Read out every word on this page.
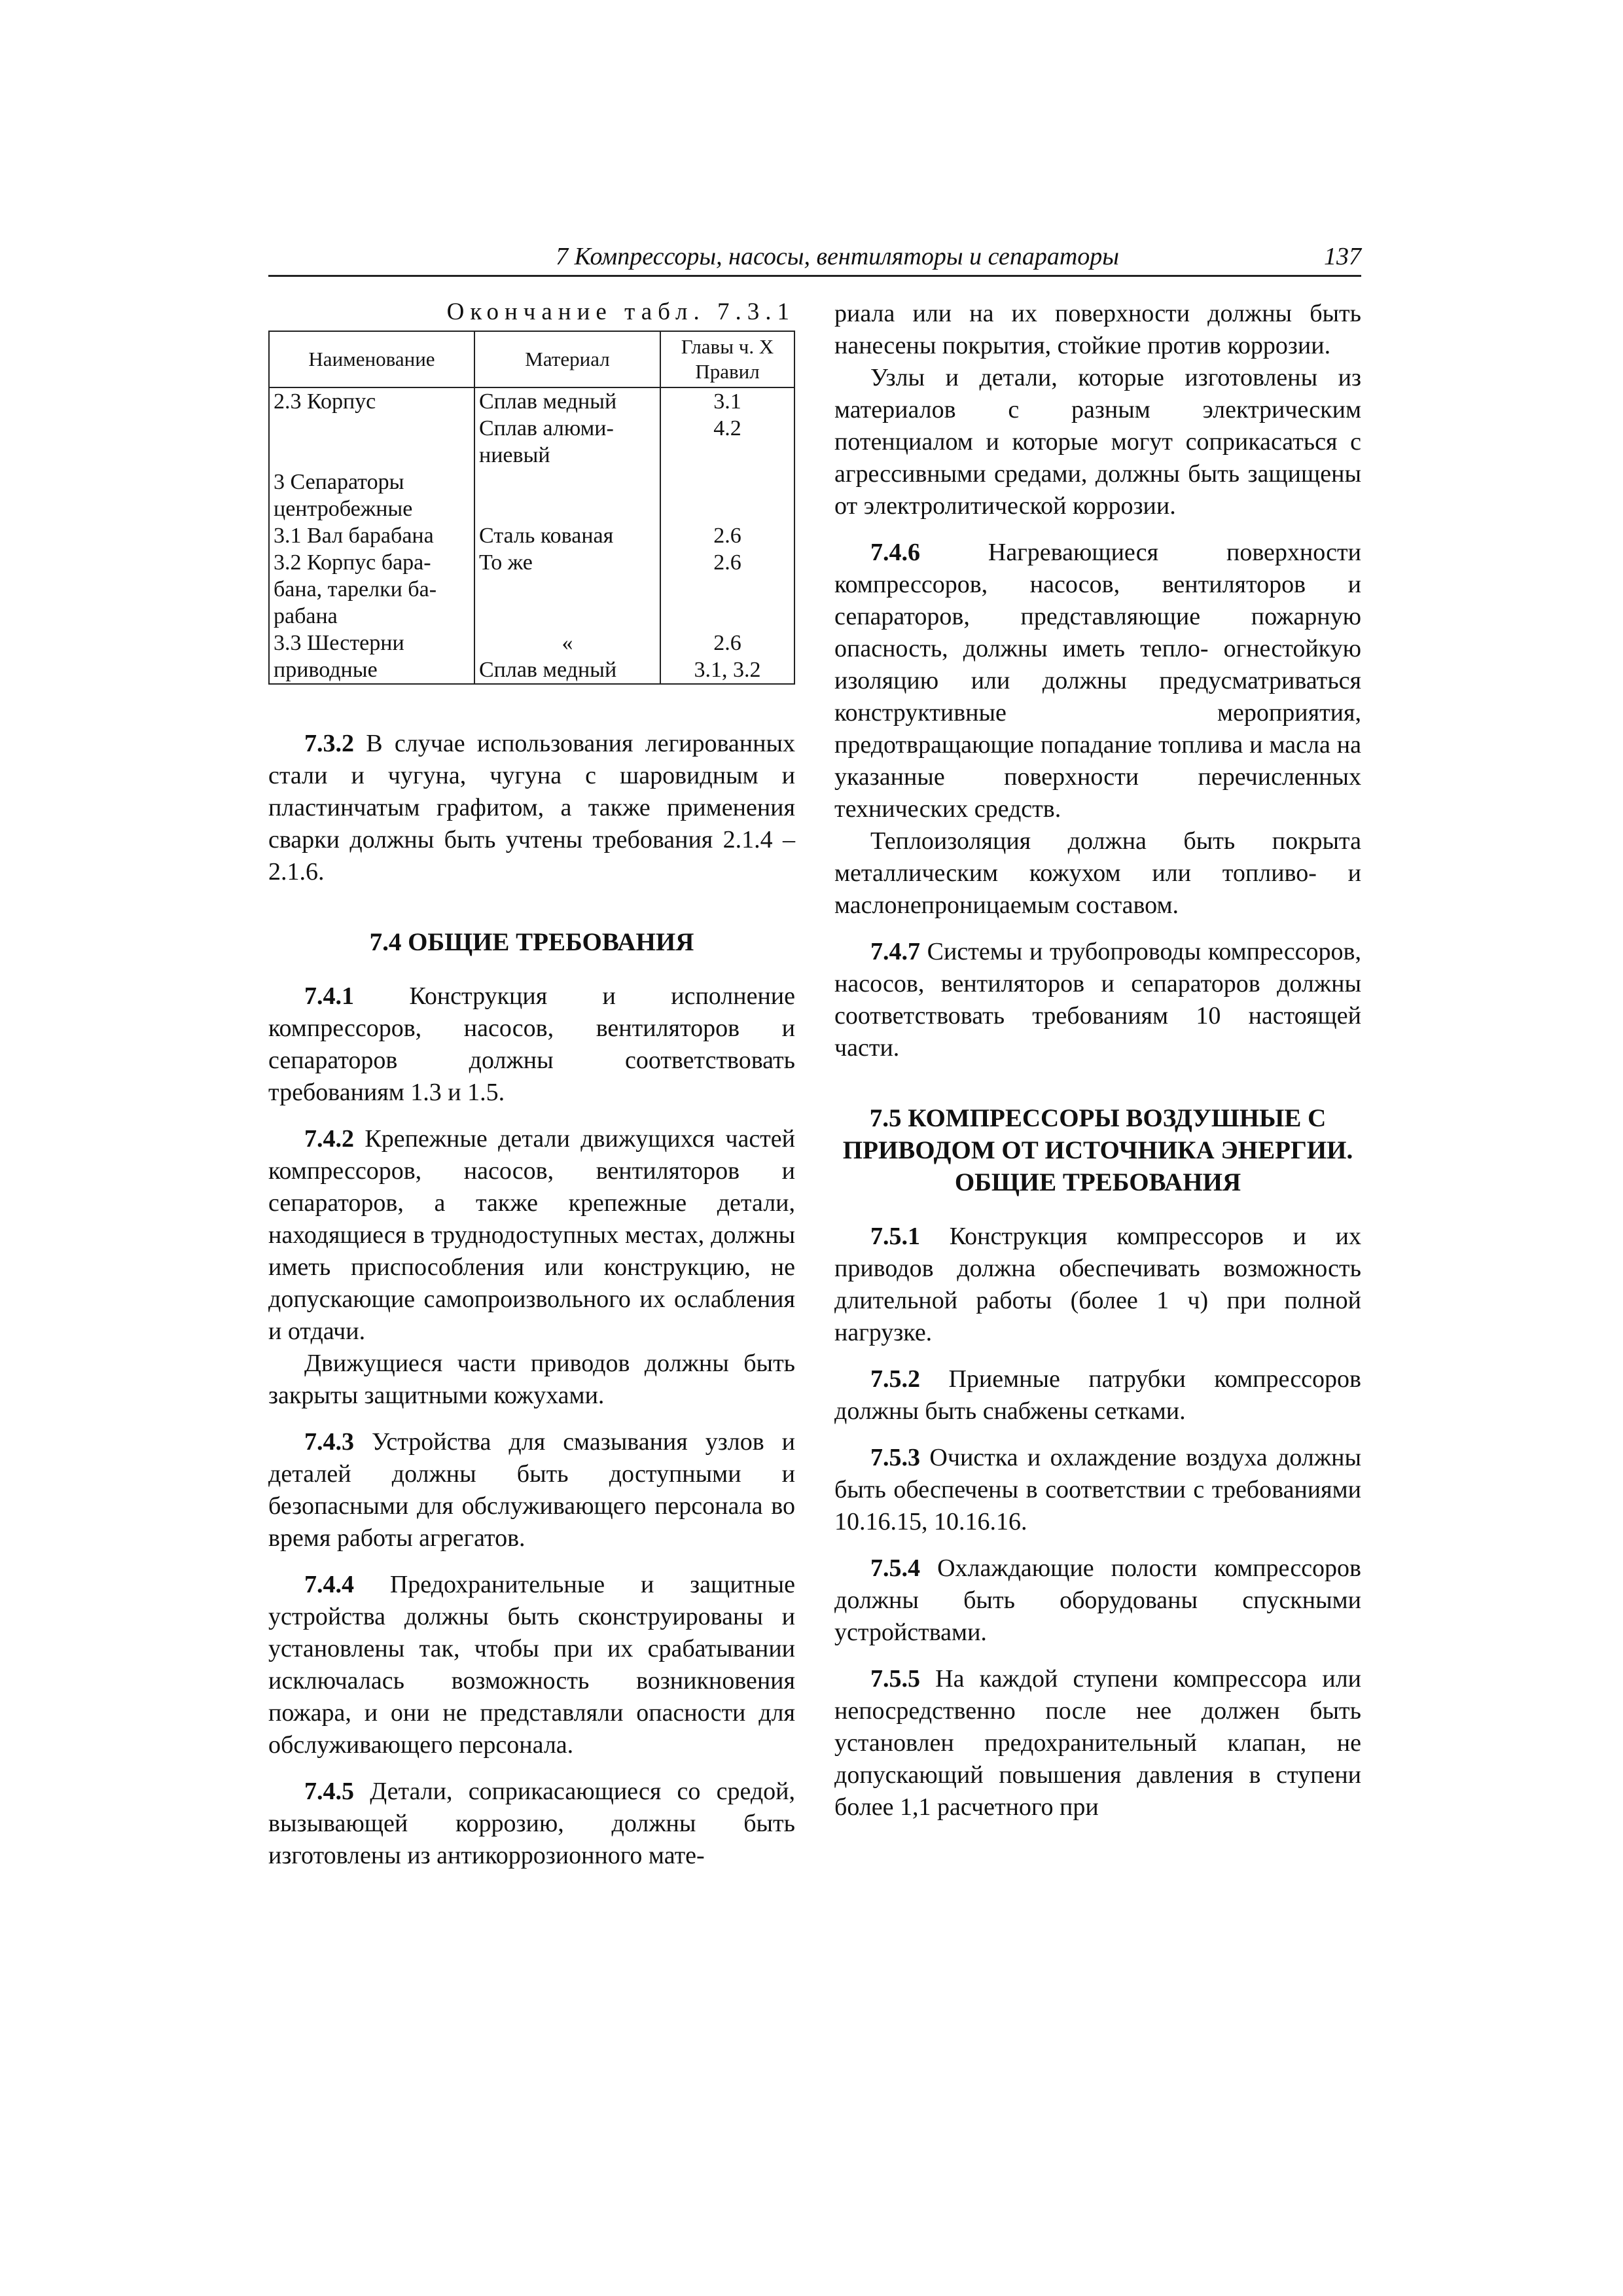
7 Компрессоры, насосы, вентиляторы и сепараторы	137
Окончание табл. 7.3.1
Наименование	Материал	Главы ч. X Правил
2.3 Корпус	Сплав медный	3.1
	Сплав алюми-	4.2
	ниевый	
3 Сепараторы		
центробежные		
3.1 Вал барабана	Сталь кованая	2.6
3.2 Корпус бара-	То же	2.6
бана, тарелки ба-		
рабана		
3.3 Шестерни	«	2.6
приводные	Сплав медный	3.1, 3.2

7.3.2 В случае использования легированных стали и чугуна, чугуна с шаровидным и пластинчатым графитом, а также применения сварки должны быть учтены требования 2.1.4 – 2.1.6.

7.4 ОБЩИЕ ТРЕБОВАНИЯ

7.4.1 Конструкция и исполнение компрессоров, насосов, вентиляторов и сепараторов должны соответствовать требованиям 1.3 и 1.5.

7.4.2 Крепежные детали движущихся частей компрессоров, насосов, вентиляторов и сепараторов, а также крепежные детали, находящиеся в труднодоступных местах, должны иметь приспособления или конструкцию, не допускающие самопроизвольного их ослабления и отдачи.

Движущиеся части приводов должны быть закрыты защитными кожухами.

7.4.3 Устройства для смазывания узлов и деталей должны быть доступными и безопасными для обслуживающего персонала во время работы агрегатов.

7.4.4 Предохранительные и защитные устройства должны быть сконструированы и установлены так, чтобы при их срабатывании исключалась возможность возникновения пожара, и они не представляли опасности для обслуживающего персонала.

7.4.5 Детали, соприкасающиеся со средой, вызывающей коррозию, должны быть изготовлены из антикоррозионного мате-

риала или на их поверхности должны быть нанесены покрытия, стойкие против коррозии.

Узлы и детали, которые изготовлены из материалов с разным электрическим потенциалом и которые могут соприкасаться с агрессивными средами, должны быть защищены от электролитической коррозии.

7.4.6 Нагревающиеся поверхности компрессоров, насосов, вентиляторов и сепараторов, представляющие пожарную опасность, должны иметь тепло- огнестойкую изоляцию или должны предусматриваться конструктивные мероприятия, предотвращающие попадание топлива и масла на указанные поверхности перечисленных технических средств.

Теплоизоляция должна быть покрыта металлическим кожухом или топливо- и маслонепроницаемым составом.

7.4.7 Системы и трубопроводы компрессоров, насосов, вентиляторов и сепараторов должны соответствовать требованиям 10 настоящей части.

7.5 КОМПРЕССОРЫ ВОЗДУШНЫЕ С ПРИВОДОМ ОТ ИСТОЧНИКА ЭНЕРГИИ. ОБЩИЕ ТРЕБОВАНИЯ

7.5.1 Конструкция компрессоров и их приводов должна обеспечивать возможность длительной работы (более 1 ч) при полной нагрузке.

7.5.2 Приемные патрубки компрессоров должны быть снабжены сетками.

7.5.3 Очистка и охлаждение воздуха должны быть обеспечены в соответствии с требованиями 10.16.15, 10.16.16.

7.5.4 Охлаждающие полости компрессоров должны быть оборудованы спускными устройствами.

7.5.5 На каждой ступени компрессора или непосредственно после нее должен быть установлен предохранительный клапан, не допускающий повышения давления в ступени более 1,1 расчетного при
